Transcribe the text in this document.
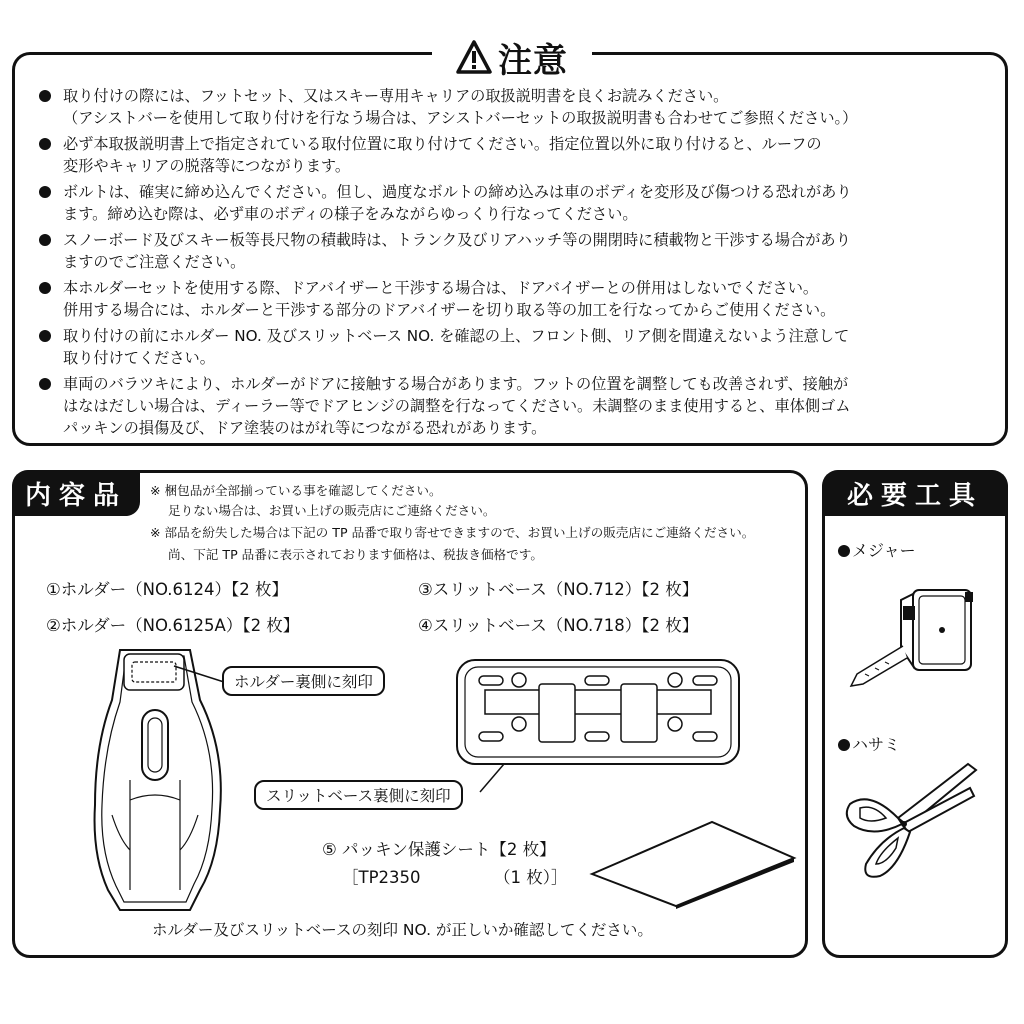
取り付けの際には、フットセット、又はスキー専用キャリアの取扱説明書を良くお読みください。
（アシストバーを使用して取り付けを行なう場合は、アシストバーセットの取扱説明書も合わせてご参照ください。）
必ず本取扱説明書上で指定されている取付位置に取り付けてください。指定位置以外に取り付けると、ルーフの
変形やキャリアの脱落等につながります。
ボルトは、確実に締め込んでください。但し、過度なボルトの締め込みは車のボディを変形及び傷つける恐れがあり
ます。締め込む際は、必ず車のボディの様子をみながらゆっくり行なってください。
スノーボード及びスキー板等長尺物の積載時は、トランク及びリアハッチ等の開閉時に積載物と干渉する場合があり
ますのでご注意ください。
本ホルダーセットを使用する際、ドアバイザーと干渉する場合は、ドアバイザーとの併用はしないでください。
併用する場合には、ホルダーと干渉する部分のドアバイザーを切り取る等の加工を行なってからご使用ください。
取り付けの前にホルダー NO. 及びスリットベース NO. を確認の上、フロント側、リア側を間違えないよう注意して
取り付けてください。
車両のバラツキにより、ホルダーがドアに接触する場合があります。フットの位置を調整しても改善されず、接触が
はなはだしい場合は、ディーラー等でドアヒンジの調整を行なってください。未調整のまま使用すると、車体側ゴム
パッキンの損傷及び、ドア塗装のはがれ等につながる恐れがあります。
注意
内容品	※ 梱包品が全部揃っている事を確認してください。
足りない場合は、お買い上げの販売店にご連絡ください。
※ 部品を紛失した場合は下記の TP 品番で取り寄せできますので、お買い上げの販売店にご連絡ください。
尚、下記 TP 品番に表示されております価格は、税抜き価格です。
①ホルダー（NO.6124）【2 枚】
②ホルダー（NO.6125A）【2 枚】
③スリットベース（NO.712）【2 枚】
④スリットベース（NO.718）【2 枚】
ホルダー裏側に刻印
スリットベース裏側に刻印
⑤ パッキン保護シート【2 枚】
［TP2350	（1 枚）］
ホルダー及びスリットベースの刻印 NO. が正しいか確認してください。
必要工具
メジャー
ハサミ
